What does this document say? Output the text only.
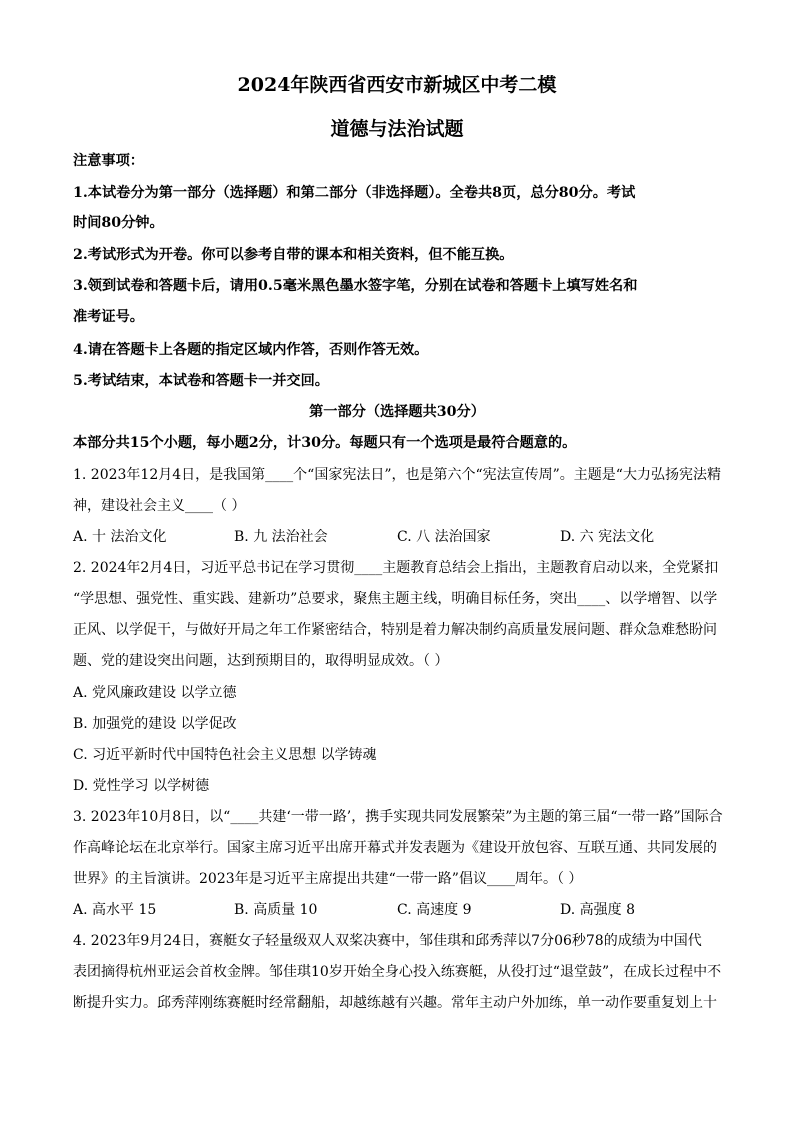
2024年陕西省西安市新城区中考二模
道德与法治试题
注意事项：
1.本试卷分为第一部分（选择题）和第二部分（非选择题）。全卷共8页，总分80分。考试
时间80分钟。
2.考试形式为开卷。你可以参考自带的课本和相关资料，但不能互换。
3.领到试卷和答题卡后，请用0.5毫米黑色墨水签字笔，分别在试卷和答题卡上填写姓名和
准考证号。
4.请在答题卡上各题的指定区域内作答，否则作答无效。
5.考试结束，本试卷和答题卡一并交回。
第一部分（选择题共30分）
本部分共15个小题，每小题2分，计30分。每题只有一个选项是最符合题意的。
1. 2023年12月4日，是我国第____个“国家宪法日”，也是第六个“宪法宣传周”。主题是“大力弘扬宪法精
神，建设社会主义____（ ）
A. 十 法治文化	B. 九 法治社会	C. 八 法治国家	D. 六 宪法文化
2. 2024年2月4日，习近平总书记在学习贯彻____主题教育总结会上指出，主题教育启动以来，全党紧扣
“学思想、强党性、重实践、建新功”总要求，聚焦主题主线，明确目标任务，突出____、以学增智、以学
正风、以学促干，与做好开局之年工作紧密结合，特别是着力解决制约高质量发展问题、群众急难愁盼问
题、党的建设突出问题，达到预期目的，取得明显成效。（ ）
A. 党风廉政建设 以学立德
B. 加强党的建设 以学促改
C. 习近平新时代中国特色社会主义思想 以学铸魂
D. 党性学习 以学树德
3. 2023年10月8日，以“____共建‘一带一路’，携手实现共同发展繁荣”为主题的第三届“一带一路”国际合
作高峰论坛在北京举行。国家主席习近平出席开幕式并发表题为《建设开放包容、互联互通、共同发展的
世界》的主旨演讲。2023年是习近平主席提出共建“一带一路”倡议____周年。（ ）
A. 高水平 15	B. 高质量 10	C. 高速度 9	D. 高强度 8
4. 2023年9月24日，赛艇女子轻量级双人双桨决赛中，邹佳琪和邱秀萍以7分06秒78的成绩为中国代
表团摘得杭州亚运会首枚金牌。邹佳琪10岁开始全身心投入练赛艇，从役打过“退堂鼓”，在成长过程中不
断提升实力。邱秀萍刚练赛艇时经常翻船，却越练越有兴趣。常年主动户外加练，单一动作要重复划上十
